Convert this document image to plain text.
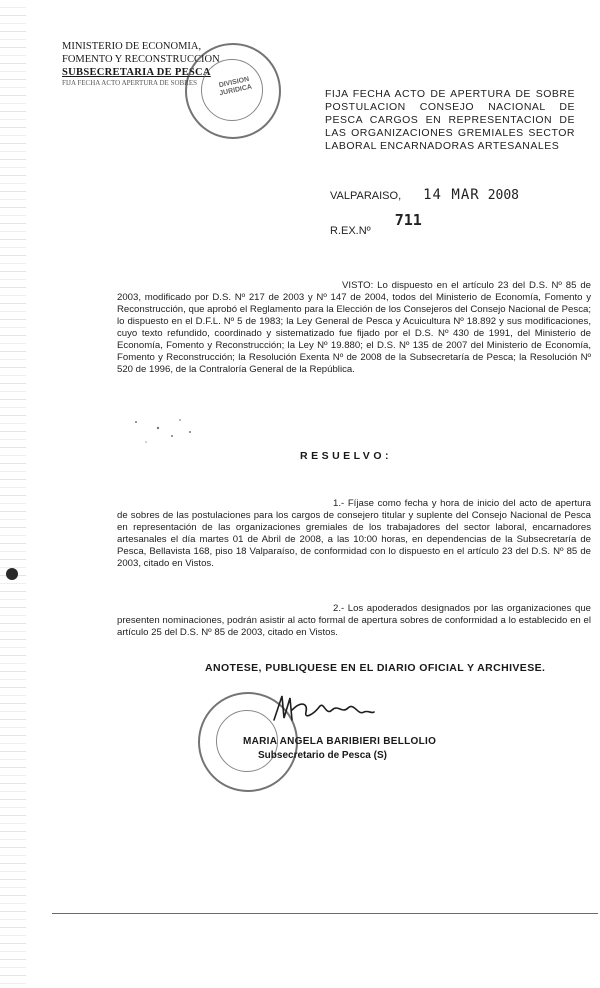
MINISTERIO DE ECONOMIA,
FOMENTO Y RECONSTRUCCION
SUBSECRETARIA DE PESCA
FIJA FECHA ACTO APERTURA DE SOBRES	DIVISION
JURIDICA	FIJA FECHA ACTO DE APERTURA DE SOBRE POSTULACION CONSEJO NACIONAL DE PESCA CARGOS EN REPRESENTACION DE LAS ORGANIZACIONES GREMIALES SECTOR LABORAL ENCARNADORAS ARTESANALES
VALPARAISO, 14 MAR 2008
R.EX.Nº711
VISTO: Lo dispuesto en el artículo 23 del D.S. Nº 85 de 2003, modificado por D.S. Nº 217 de 2003 y Nº 147 de 2004, todos del Ministerio de Economía, Fomento y Reconstrucción, que aprobó el Reglamento para la Elección de los Consejeros del Consejo Nacional de Pesca; lo dispuesto en el D.F.L. Nº 5 de 1983; la Ley General de Pesca y Acuicultura Nº 18.892 y sus modificaciones, cuyo texto refundido, coordinado y sistematizado fue fijado por el D.S. Nº 430 de 1991, del Ministerio de Economía, Fomento y Reconstrucción; la Ley Nº 19.880; el D.S. Nº 135 de 2007 del Ministerio de Economía, Fomento y Reconstrucción; la Resolución Exenta Nº de 2008 de la Subsecretaría de Pesca; la Resolución Nº 520 de 1996, de la Contraloría General de la República.
RESUELVO:
1.- Fíjase como fecha y hora de inicio del acto de apertura de sobres de las postulaciones para los cargos de consejero titular y suplente del Consejo Nacional de Pesca en representación de las organizaciones gremiales de los trabajadores del sector laboral, encarnadores artesanales el día martes 01 de Abril de 2008, a las 10:00 horas, en dependencias de la Subsecretaría de Pesca, Bellavista 168, piso 18 Valparaíso, de conformidad con lo dispuesto en el artículo 23 del D.S. Nº 85 de 2003, citado en Vistos.
2.- Los apoderados designados por las organizaciones que presenten nominaciones, podrán asistir al acto formal de apertura sobres de conformidad a lo establecido en el artículo 25 del D.S. Nº 85 de 2003, citado en Vistos.
ANOTESE, PUBLIQUESE EN EL DIARIO OFICIAL Y ARCHIVESE.
MARIA ANGELA BARIBIERI BELLOLIO
Subsecretario de Pesca (S)
